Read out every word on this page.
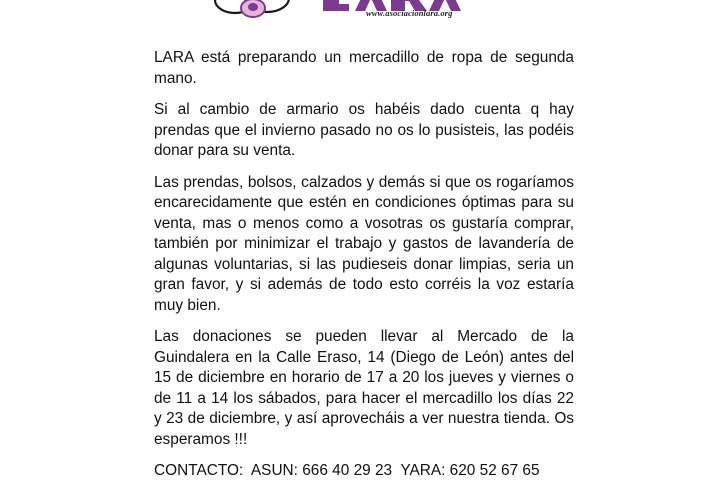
www.asociacionlara.org

LARA está preparando un mercadillo de ropa de segunda mano.

Si al cambio de armario os habéis dado cuenta q hay prendas que el invierno pasado no os lo pusisteis, las podéis donar para su venta.

Las prendas, bolsos, calzados y demás si que os rogaríamos encarecidamente que estén en condiciones óptimas para su venta, mas o menos como a vosotras os gustaría comprar, también por minimizar el trabajo y gastos de lavandería de algunas voluntarias, si las pudieseis donar limpias, seria un gran favor, y si además de todo esto corréis la voz estaría muy bien.

Las donaciones se pueden llevar al Mercado de la Guindalera en la Calle Eraso, 14 (Diego de León) antes del 15 de diciembre en horario de 17 a 20 los jueves y viernes o de 11 a 14 los sábados, para hacer el mercadillo los días 22 y 23 de diciembre, y así aprovecháis a ver nuestra tienda. Os esperamos !!!

CONTACTO:  ASUN: 666 40 29 23  YARA: 620 52 67 65
